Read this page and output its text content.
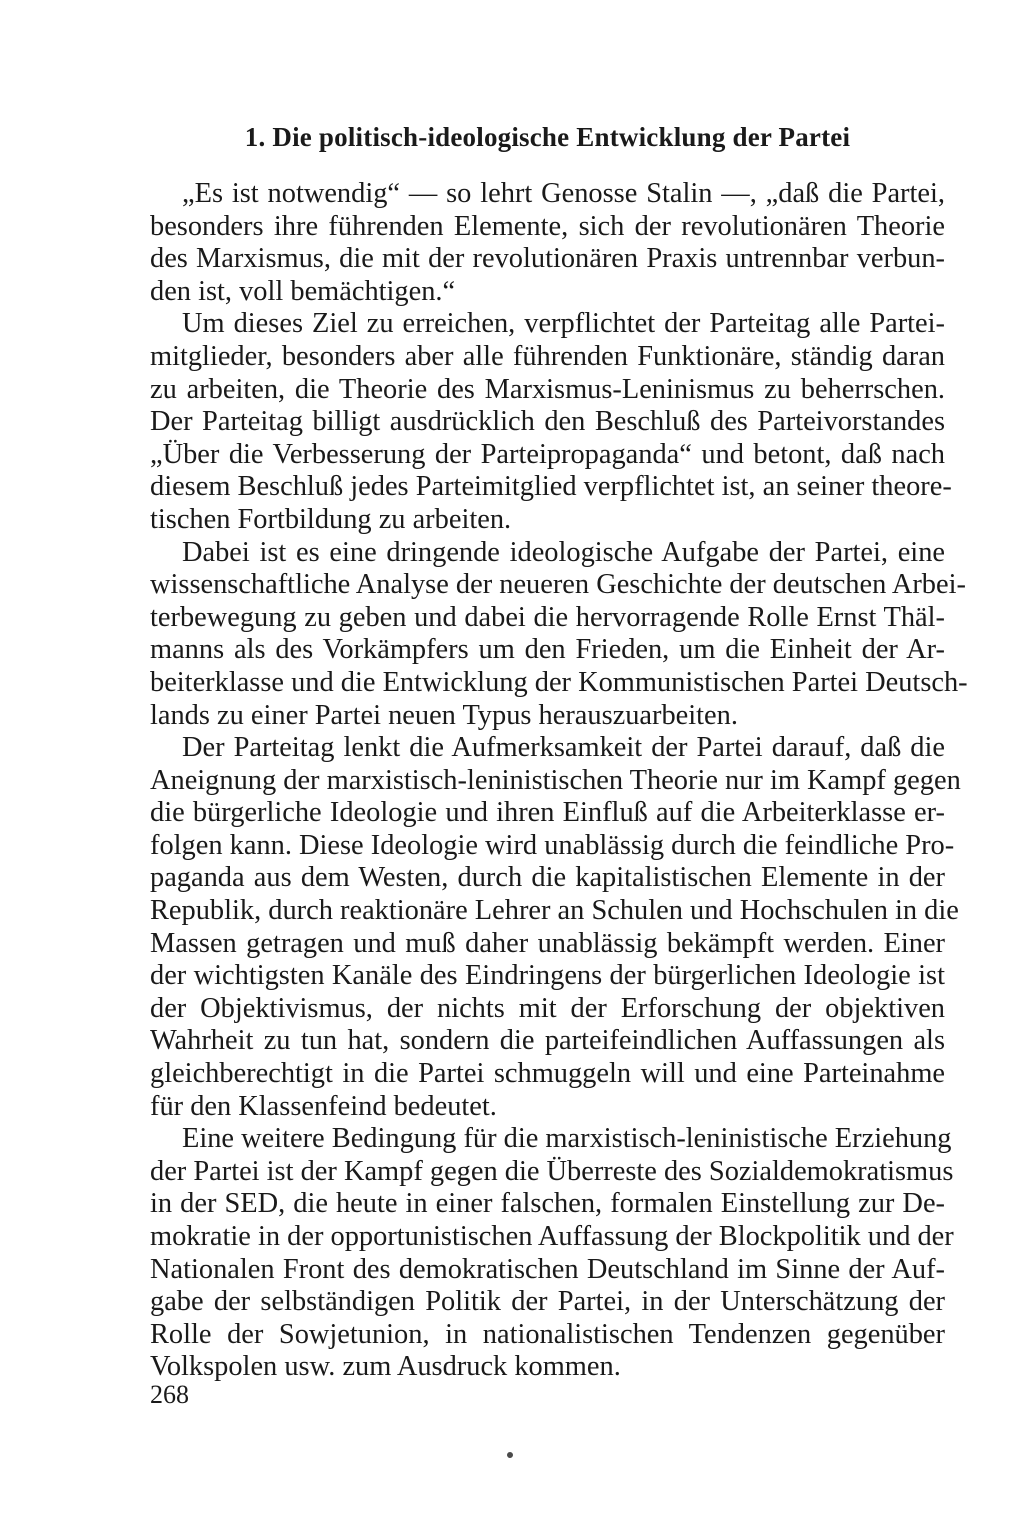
1. Die politisch-ideologische Entwicklung der Partei
„Es ist notwendig“ — so lehrt Genosse Stalin —, „daß die Partei,
besonders ihre führenden Elemente, sich der revolutionären Theorie
des Marxismus, die mit der revolutionären Praxis untrennbar verbun-
den ist, voll bemächtigen.“
Um dieses Ziel zu erreichen, verpflichtet der Parteitag alle Partei-
mitglieder, besonders aber alle führenden Funktionäre, ständig daran
zu arbeiten, die Theorie des Marxismus-Leninismus zu beherrschen.
Der Parteitag billigt ausdrücklich den Beschluß des Parteivorstandes
„Über die Verbesserung der Parteipropaganda“ und betont, daß nach
diesem Beschluß jedes Parteimitglied verpflichtet ist, an seiner theore-
tischen Fortbildung zu arbeiten.
Dabei ist es eine dringende ideologische Aufgabe der Partei, eine
wissenschaftliche Analyse der neueren Geschichte der deutschen Arbei-
terbewegung zu geben und dabei die hervorragende Rolle Ernst Thäl-
manns als des Vorkämpfers um den Frieden, um die Einheit der Ar-
beiterklasse und die Entwicklung der Kommunistischen Partei Deutsch-
lands zu einer Partei neuen Typus herauszuarbeiten.
Der Parteitag lenkt die Aufmerksamkeit der Partei darauf, daß die
Aneignung der marxistisch-leninistischen Theorie nur im Kampf gegen
die bürgerliche Ideologie und ihren Einfluß auf die Arbeiterklasse er-
folgen kann. Diese Ideologie wird unablässig durch die feindliche Pro-
paganda aus dem Westen, durch die kapitalistischen Elemente in der
Republik, durch reaktionäre Lehrer an Schulen und Hochschulen in die
Massen getragen und muß daher unablässig bekämpft werden. Einer
der wichtigsten Kanäle des Eindringens der bürgerlichen Ideologie ist
der Objektivismus, der nichts mit der Erforschung der objektiven
Wahrheit zu tun hat, sondern die parteifeindlichen Auffassungen als
gleichberechtigt in die Partei schmuggeln will und eine Parteinahme
für den Klassenfeind bedeutet.
Eine weitere Bedingung für die marxistisch-leninistische Erziehung
der Partei ist der Kampf gegen die Überreste des Sozialdemokratismus
in der SED, die heute in einer falschen, formalen Einstellung zur De-
mokratie in der opportunistischen Auffassung der Blockpolitik und der
Nationalen Front des demokratischen Deutschland im Sinne der Auf-
gabe der selbständigen Politik der Partei, in der Unterschätzung der
Rolle der Sowjetunion, in nationalistischen Tendenzen gegenüber
Volkspolen usw. zum Ausdruck kommen.
268
